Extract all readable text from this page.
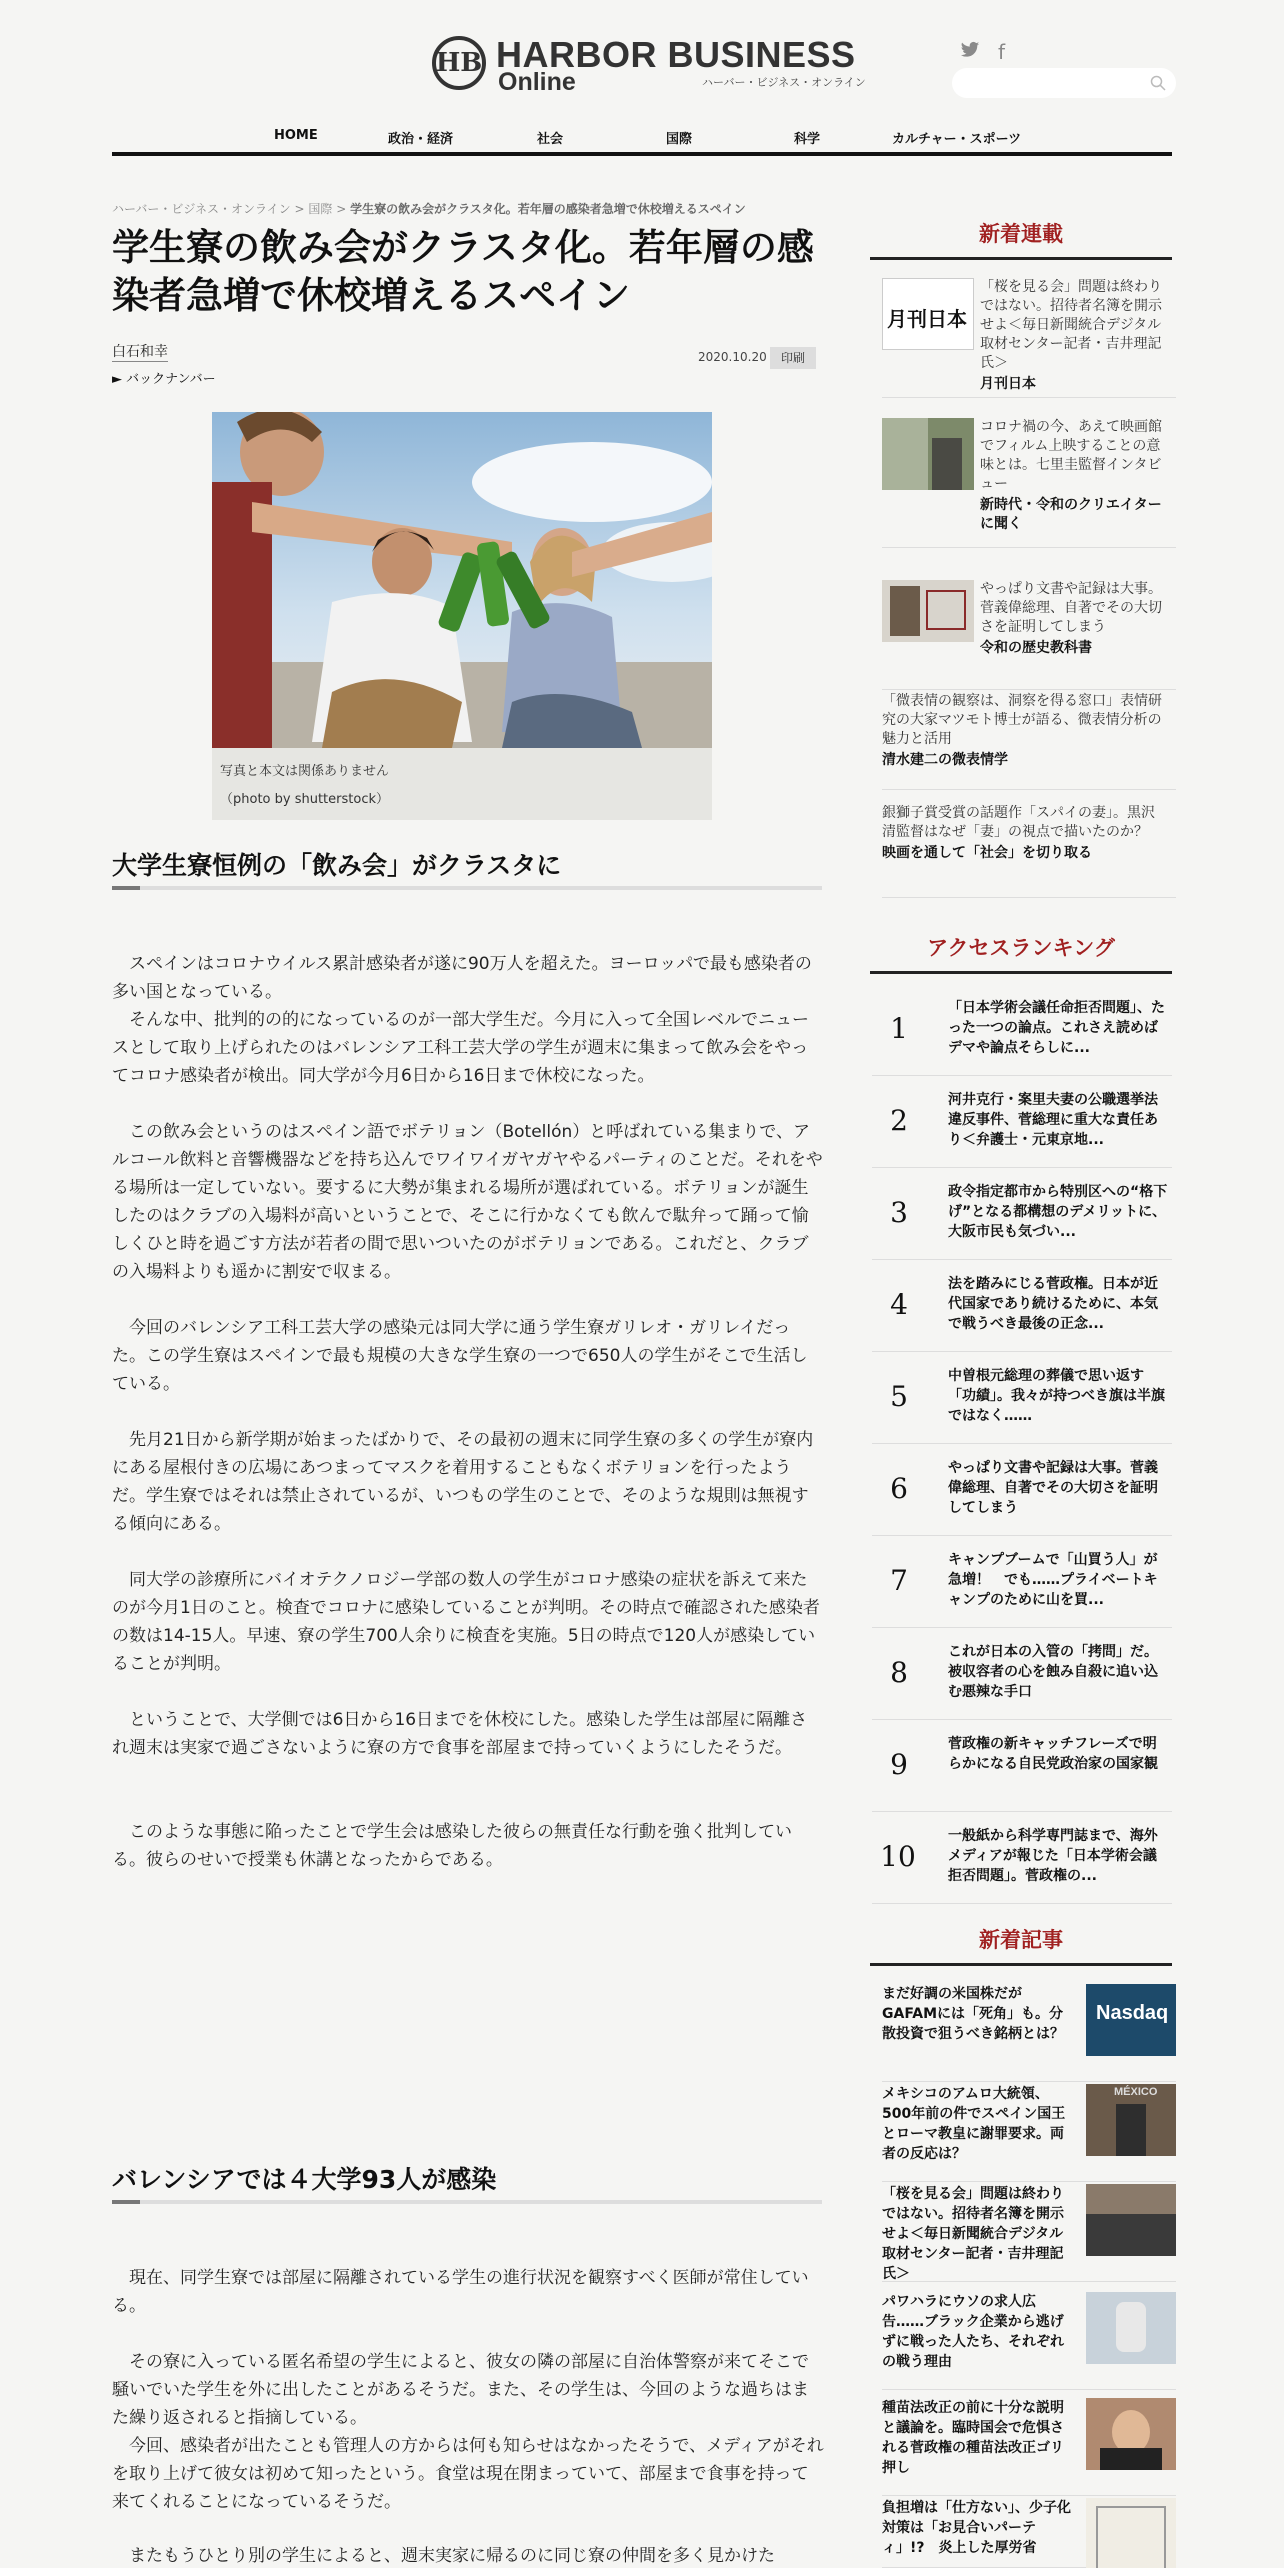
HB HARBOR BUSINESS
Online	ハーバー・ビジネス・オンライン
f
HOME	政治・経済	社会	国際	科学	カルチャー・スポーツ
ハーバー・ビジネス・オンライン > 国際 > 学生寮の飲み会がクラスタ化。若年層の感染者急増で休校増えるスペイン
学生寮の飲み会がクラスタ化。若年層の感染者急増で休校増えるスペイン
白石和幸
► バックナンバー
2020.10.20	印刷
写真と本文は関係ありません
（photo by shutterstock）
大学生寮恒例の「飲み会」がクラスタに

　スペインはコロナウイルス累計感染者が遂に90万人を超えた。ヨーロッパで最も感染者の多い国となっている。

　そんな中、批判的の的になっているのが一部大学生だ。今月に入って全国レベルでニュースとして取り上げられたのはバレンシア工科工芸大学の学生が週末に集まって飲み会をやってコロナ感染者が検出。同大学が今月6日から16日まで休校になった。

　この飲み会というのはスペイン語でボテリョン（Botellón）と呼ばれている集まりで、アルコール飲料と音響機器などを持ち込んでワイワイガヤガヤやるパーティのことだ。それをやる場所は一定していない。要するに大勢が集まれる場所が選ばれている。ボテリョンが誕生したのはクラブの入場料が高いということで、そこに行かなくても飲んで駄弁って踊って愉しくひと時を過ごす方法が若者の間で思いついたのがボテリョンである。これだと、クラブの入場料よりも遥かに割安で収まる。

　今回のバレンシア工科工芸大学の感染元は同大学に通う学生寮ガリレオ・ガリレイだった。この学生寮はスペインで最も規模の大きな学生寮の一つで650人の学生がそこで生活している。

　先月21日から新学期が始まったばかりで、その最初の週末に同学生寮の多くの学生が寮内にある屋根付きの広場にあつまってマスクを着用することもなくボテリョンを行ったようだ。学生寮ではそれは禁止されているが、いつもの学生のことで、そのような規則は無視する傾向にある。

　同大学の診療所にバイオテクノロジー学部の数人の学生がコロナ感染の症状を訴えて来たのが今月1日のこと。検査でコロナに感染していることが判明。その時点で確認された感染者の数は14-15人。早速、寮の学生700人余りに検査を実施。5日の時点で120人が感染していることが判明。

　ということで、大学側では6日から16日までを休校にした。感染した学生は部屋に隔離され週末は実家で過ごさないように寮の方で食事を部屋まで持っていくようにしたそうだ。

　このような事態に陥ったことで学生会は感染した彼らの無責任な行動を強く批判している。彼らのせいで授業も休講となったからである。

バレンシアでは４大学93人が感染

　現在、同学生寮では部屋に隔離されている学生の進行状況を観察すべく医師が常住している。

　その寮に入っている匿名希望の学生によると、彼女の隣の部屋に自治体警察が来てそこで騒いでいた学生を外に出したことがあるそうだ。また、その学生は、今回のような過ちはまた繰り返されると指摘している。
　今回、感染者が出たことも管理人の方からは何も知らせはなかったそうで、メディアがそれを取り上げて彼女は初めて知ったという。食堂は現在閉まっていて、部屋まで食事を持って来てくれることになっているそうだ。

　またもうひとり別の学生によると、週末実家に帰るのに同じ寮の仲間を多く見かけた

新着連載
月刊日本
「桜を見る会」問題は終わりではない。招待者名簿を開示せよ＜毎日新聞統合デジタル取材センター記者・吉井理記氏＞
月刊日本
コロナ禍の今、あえて映画館でフィルム上映することの意味とは。七里圭監督インタビュー
新時代・令和のクリエイターに聞く
やっぱり文書や記録は大事。菅義偉総理、自著でその大切さを証明してしまう
令和の歴史教科書
「微表情の観察は、洞察を得る窓口」表情研究の大家マツモト博士が語る、微表情分析の魅力と活用
清水建二の微表情学
銀獅子賞受賞の話題作「スパイの妻」。黒沢清監督はなぜ「妻」の視点で描いたのか？
映画を通して「社会」を切り取る
アクセスランキング
1
「日本学術会議任命拒否問題」、たった一つの論点。これさえ読めばデマや論点そらしに...
2
河井克行・案里夫妻の公職選挙法違反事件、菅総理に重大な責任あり＜弁護士・元東京地...
3
政令指定都市から特別区への“格下げ”となる都構想のデメリットに、大阪市民も気づい...
4
法を踏みにじる菅政権。日本が近代国家であり続けるために、本気で戦うべき最後の正念...
5
中曽根元総理の葬儀で思い返す「功績」。我々が持つべき旗は半旗ではなく……
6
やっぱり文書や記録は大事。菅義偉総理、自著でその大切さを証明してしまう
7
キャンプブームで「山買う人」が急増！　でも……プライベートキャンプのために山を買...
8
これが日本の入管の「拷問」だ。被収容者の心を蝕み自殺に追い込む悪辣な手口
9
菅政権の新キャッチフレーズで明らかになる自民党政治家の国家観
10
一般紙から科学専門誌まで、海外メディアが報じた「日本学術会議拒否問題」。菅政権の...
新着記事
まだ好調の米国株だがGAFAMには「死角」も。分散投資で狙うべき銘柄とは？
Nasdaq
メキシコのアムロ大統領、500年前の件でスペイン国王とローマ教皇に謝罪要求。両者の反応は？
MÉXICO
「桜を見る会」問題は終わりではない。招待者名簿を開示せよ＜毎日新聞統合デジタル取材センター記者・吉井理記氏＞
パワハラにウソの求人広告……ブラック企業から逃げずに戦った人たち、それぞれの戦う理由
種苗法改正の前に十分な説明と議論を。臨時国会で危惧される菅政権の種苗法改正ゴリ押し
負担増は「仕方ない」、少子化対策は「お見合いパーティ」!?　炎上した厚労省
